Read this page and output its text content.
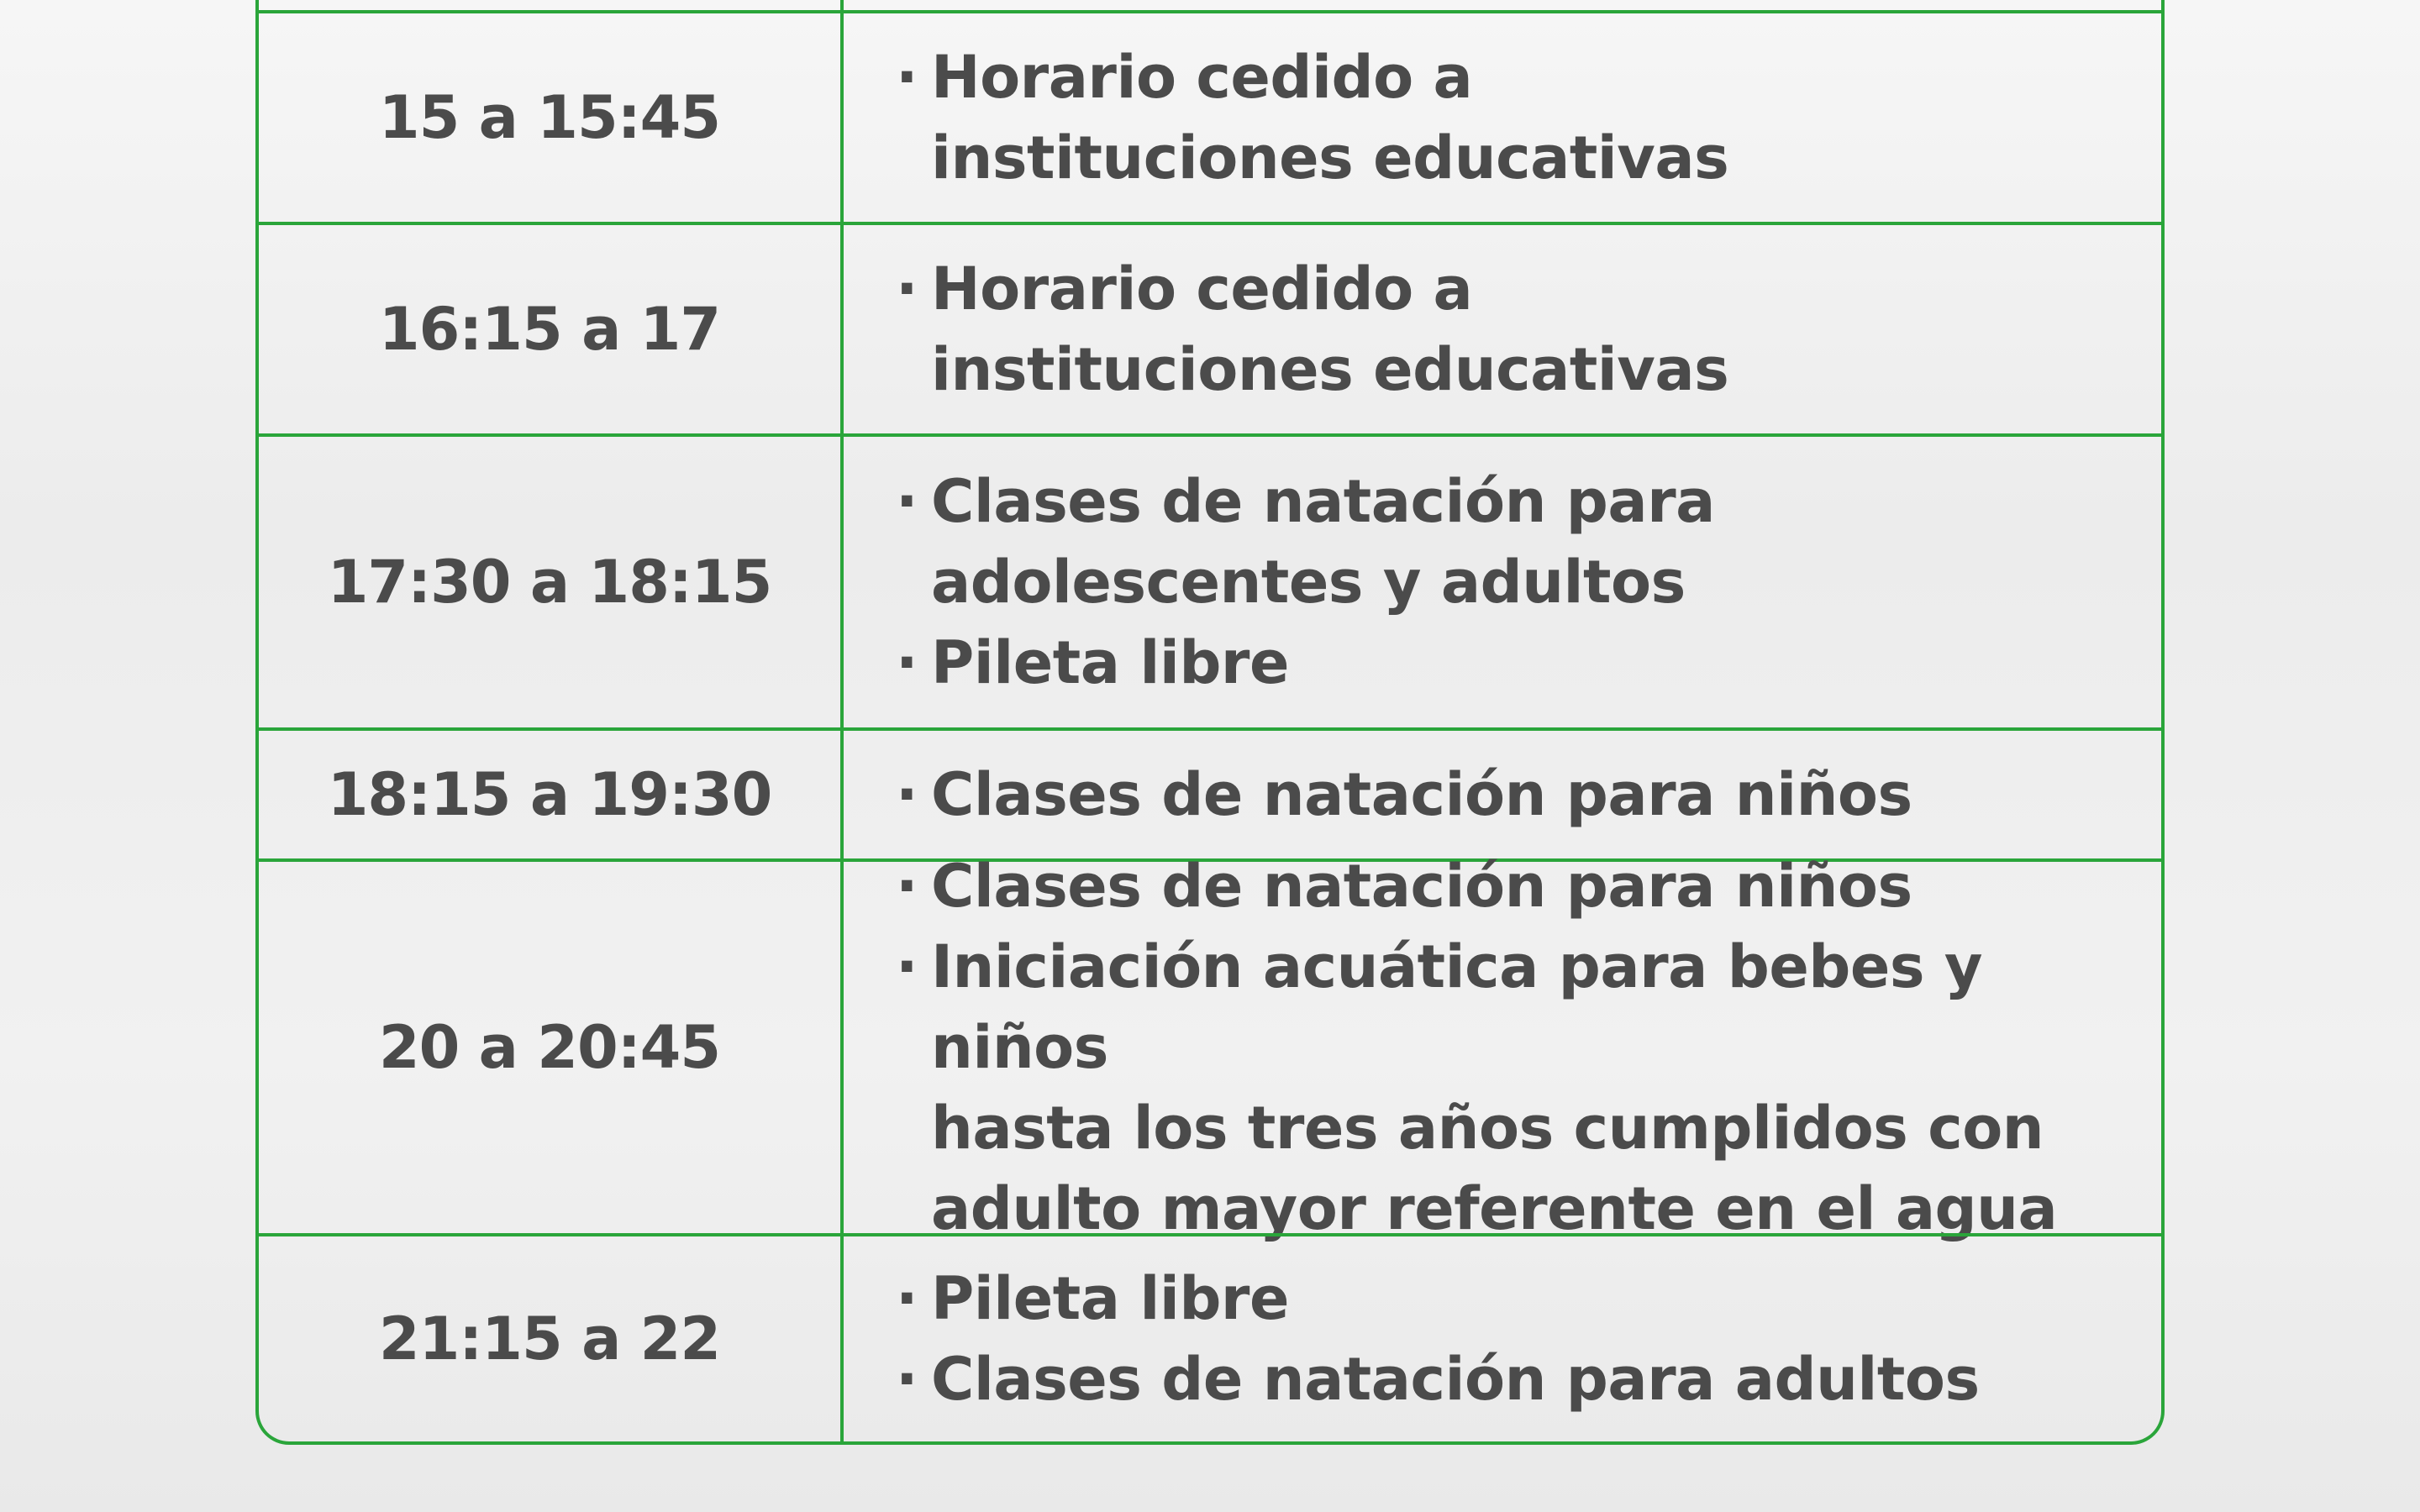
15 a 15:45
· Horario cedido a
instituciones educativas
16:15 a 17
· Horario cedido a
instituciones educativas
17:30 a 18:15
· Clases de natación para
adolescentes y adultos
· Pileta libre
18:15 a 19:30 · Clases de natación para niños
20 a 20:45
· Clases de natación para niños
· Iniciación acuática para bebes y niños
hasta los tres años cumplidos con
adulto mayor referente en el agua
21:15 a 22
· Pileta libre
· Clases de natación para adultos
